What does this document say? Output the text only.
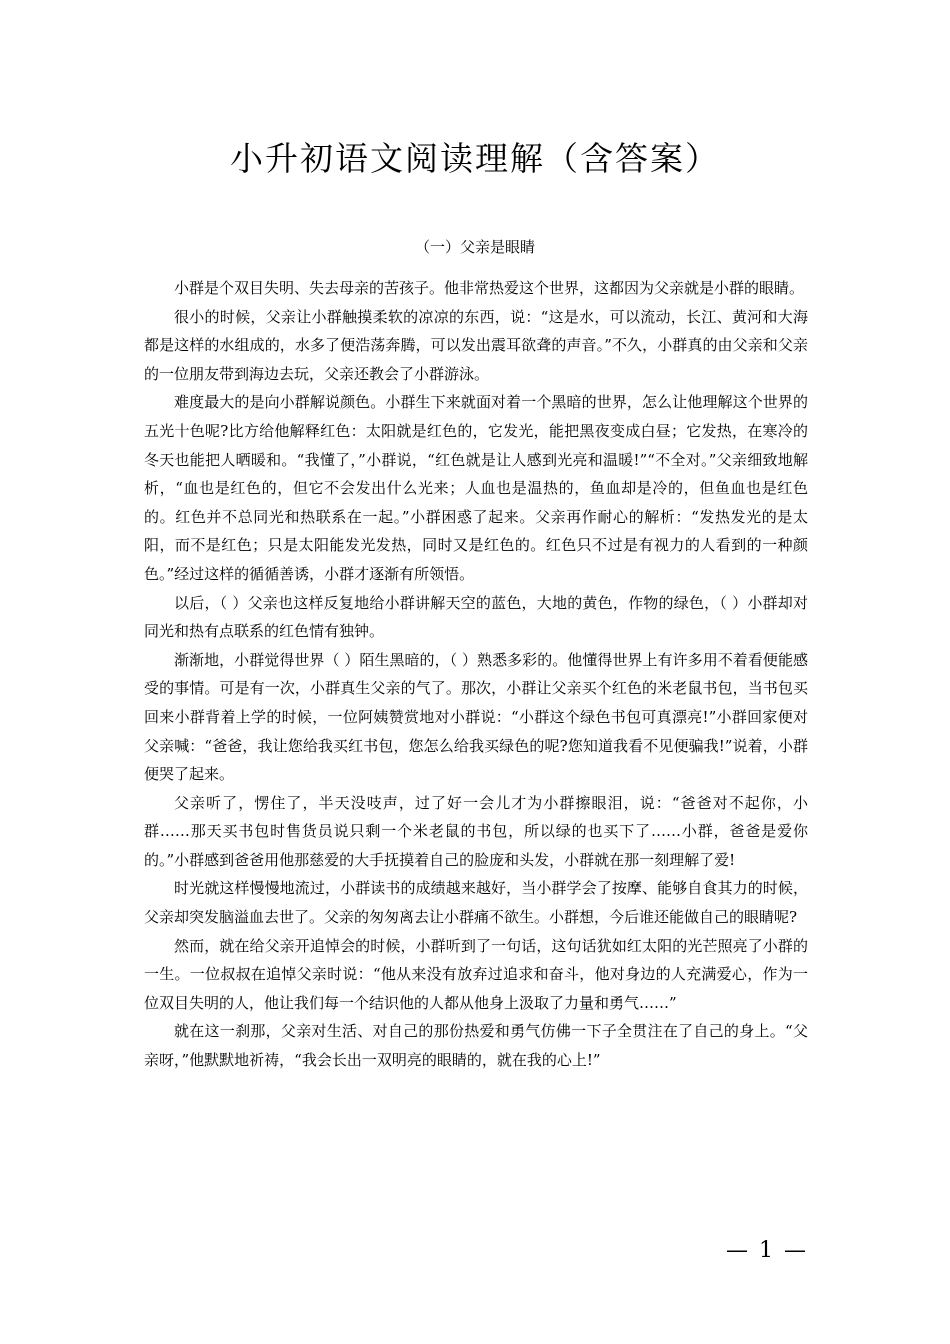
小升初语文阅读理解（含答案）
（一）父亲是眼睛

小群是个双目失明、失去母亲的苦孩子。他非常热爱这个世界，这都因为父亲就是小群的眼睛。

很小的时候，父亲让小群触摸柔软的凉凉的东西，说：“这是水，可以流动，长江、黄河和大海都是这样的水组成的，水多了便浩荡奔腾，可以发出震耳欲聋的声音。”不久，小群真的由父亲和父亲的一位朋友带到海边去玩，父亲还教会了小群游泳。

难度最大的是向小群解说颜色。小群生下来就面对着一个黑暗的世界，怎么让他理解这个世界的五光十色呢?比方给他解释红色：太阳就是红色的，它发光，能把黑夜变成白昼；它发热，在寒冷的冬天也能把人晒暖和。“我懂了，”小群说，“红色就是让人感到光亮和温暖!”“不全对。”父亲细致地解析，“血也是红色的，但它不会发出什么光来；人血也是温热的，鱼血却是冷的，但鱼血也是红色的。红色并不总同光和热联系在一起。”小群困惑了起来。父亲再作耐心的解析：“发热发光的是太阳，而不是红色；只是太阳能发光发热，同时又是红色的。红色只不过是有视力的人看到的一种颜色。”经过这样的循循善诱，小群才逐渐有所领悟。

以后，（ ）父亲也这样反复地给小群讲解天空的蓝色，大地的黄色，作物的绿色，（ ）小群却对同光和热有点联系的红色情有独钟。

渐渐地，小群觉得世界（ ）陌生黑暗的，（ ）熟悉多彩的。他懂得世界上有许多用不着看便能感受的事情。可是有一次，小群真生父亲的气了。那次，小群让父亲买个红色的米老鼠书包，当书包买回来小群背着上学的时候，一位阿姨赞赏地对小群说：“小群这个绿色书包可真漂亮!”小群回家便对父亲喊：“爸爸，我让您给我买红书包，您怎么给我买绿色的呢?您知道我看不见便骗我!”说着，小群便哭了起来。

父亲听了，愣住了，半天没吱声，过了好一会儿才为小群擦眼泪，说：“爸爸对不起你，小群……那天买书包时售货员说只剩一个米老鼠的书包，所以绿的也买下了……小群，爸爸是爱你的。”小群感到爸爸用他那慈爱的大手抚摸着自己的脸庞和头发，小群就在那一刻理解了爱!

时光就这样慢慢地流过，小群读书的成绩越来越好，当小群学会了按摩、能够自食其力的时候，父亲却突发脑溢血去世了。父亲的匆匆离去让小群痛不欲生。小群想，今后谁还能做自己的眼睛呢?

然而，就在给父亲开追悼会的时候，小群听到了一句话，这句话犹如红太阳的光芒照亮了小群的一生。一位叔叔在追悼父亲时说：“他从来没有放弃过追求和奋斗，他对身边的人充满爱心，作为一位双目失明的人，他让我们每一个结识他的人都从他身上汲取了力量和勇气……”

就在这一刹那，父亲对生活、对自己的那份热爱和勇气仿佛一下子全贯注在了自己的身上。“父亲呀，”他默默地祈祷，“我会长出一双明亮的眼睛的，就在我的心上!”

— 1 —
